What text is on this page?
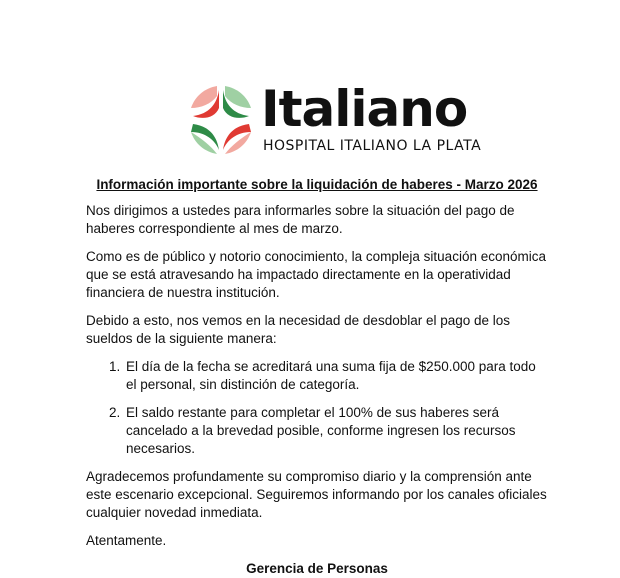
Italiano
HOSPITAL ITALIANO LA PLATA
Información importante sobre la liquidación de haberes - Marzo 2026

Nos dirigimos a ustedes para informarles sobre la situación del pago de haberes correspondiente al mes de marzo.

Como es de público y notorio conocimiento, la compleja situación económica que se está atravesando ha impactado directamente en la operatividad financiera de nuestra institución.

Debido a esto, nos vemos en la necesidad de desdoblar el pago de los sueldos de la siguiente manera:

1. El día de la fecha se acreditará una suma fija de $250.000 para todo el personal, sin distinción de categoría.
2. El saldo restante para completar el 100% de sus haberes será cancelado a la brevedad posible, conforme ingresen los recursos necesarios.

Agradecemos profundamente su compromiso diario y la comprensión ante este escenario excepcional. Seguiremos informando por los canales oficiales cualquier novedad inmediata.

Atentamente.

Gerencia de Personas
